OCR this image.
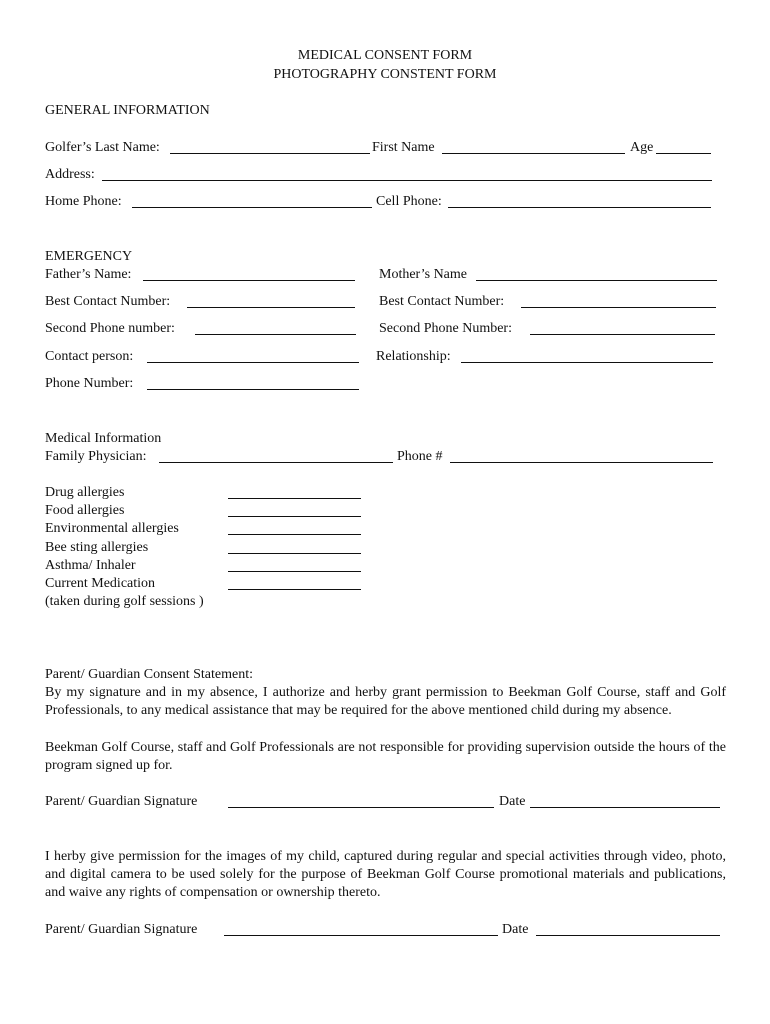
MEDICAL CONSENT FORM
PHOTOGRAPHY CONSTENT FORM
GENERAL INFORMATION
Golfer’s Last Name:	First Name	Age
Address:
Home Phone:	Cell Phone:
EMERGENCY
Father’s Name:	Mother’s Name
Best Contact Number:	Best Contact Number:
Second Phone number:	Second Phone Number:
Contact person:	Relationship:
Phone Number:
Medical Information
Family Physician:	Phone #
Drug allergies
Food allergies
Environmental allergies
Bee sting allergies
Asthma/ Inhaler
Current Medication
(taken during golf sessions )
Parent/ Guardian Consent Statement:
By my signature and in my absence, I authorize and herby grant permission to Beekman Golf Course, staff and Golf Professionals, to any medical assistance that may be required for the above mentioned child during my absence.
Beekman Golf Course, staff and Golf Professionals are not responsible for providing supervision outside the hours of the program signed up for.
Parent/ Guardian Signature	Date
I herby give permission for the images of my child, captured during regular and special activities through video, photo, and digital camera to be used solely for the purpose of Beekman Golf Course promotional materials and publications, and waive any rights of compensation or ownership thereto.
Parent/ Guardian Signature	Date
